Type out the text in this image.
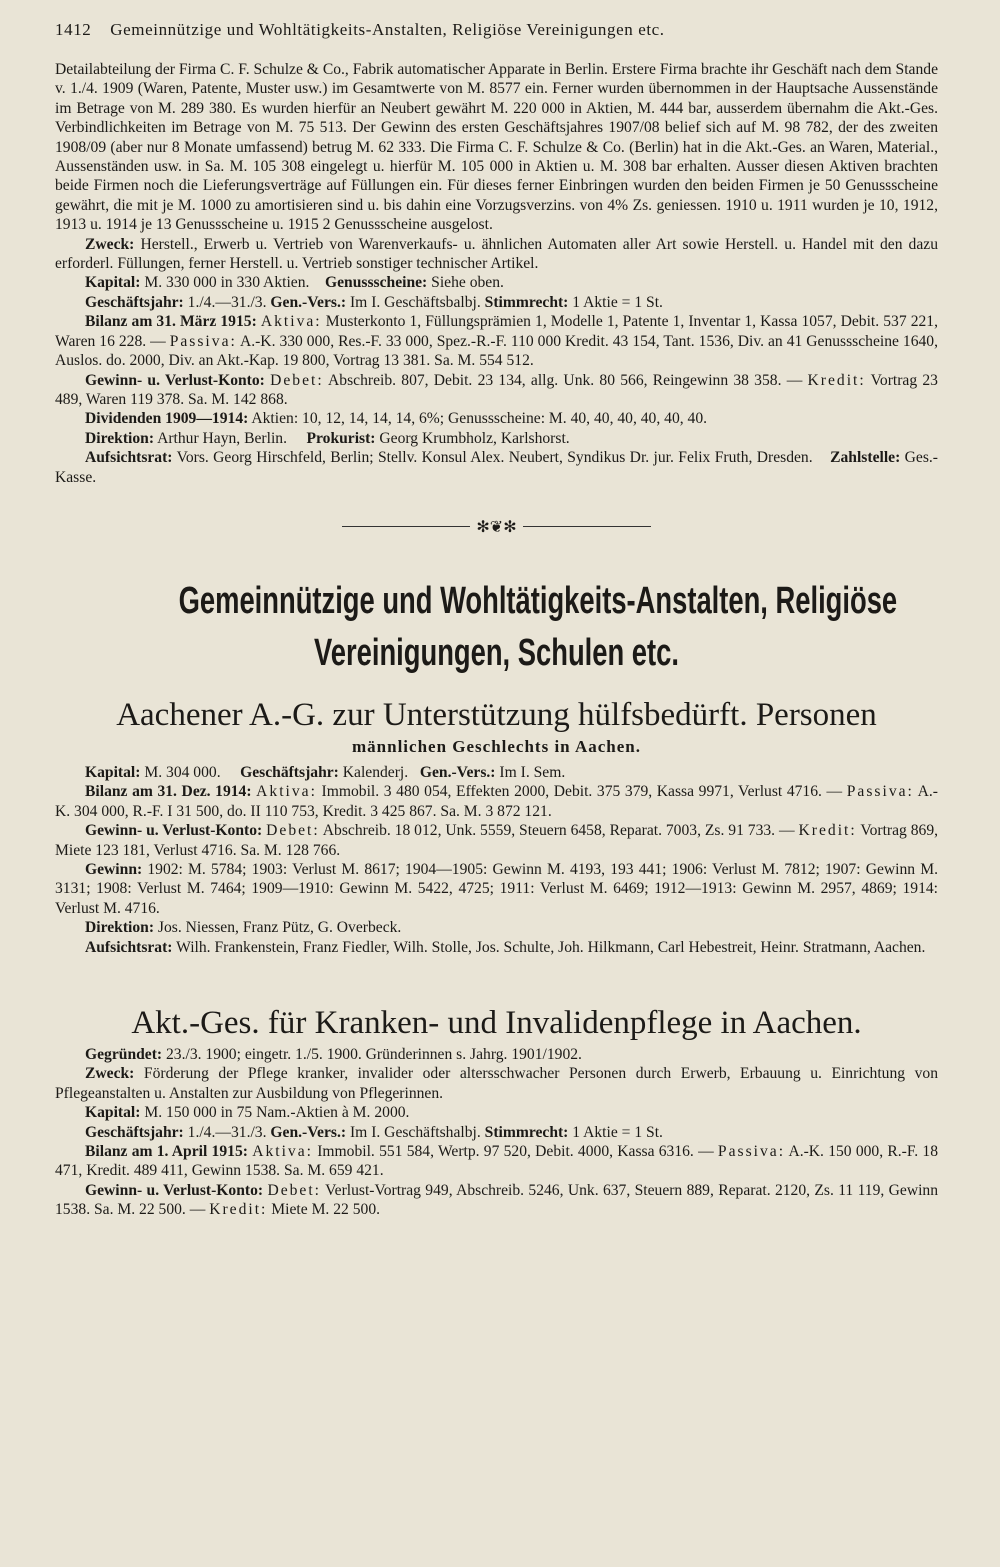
1412 Gemeinnützige und Wohltätigkeits-Anstalten, Religiöse Vereinigungen etc.

Detailabteilung der Firma C. F. Schulze & Co., Fabrik automatischer Apparate in Berlin. Erstere Firma brachte ihr Geschäft nach dem Stande v. 1./4. 1909 (Waren, Patente, Muster usw.) im Gesamtwerte von M. 8577 ein. Ferner wurden übernommen in der Hauptsache Aussenstände im Betrage von M. 289 380. Es wurden hierfür an Neubert gewährt M. 220 000 in Aktien, M. 444 bar, ausserdem übernahm die Akt.-Ges. Verbindlichkeiten im Betrage von M. 75 513. Der Gewinn des ersten Geschäftsjahres 1907/08 belief sich auf M. 98 782, der des zweiten 1908/09 (aber nur 8 Monate umfassend) betrug M. 62 333. Die Firma C. F. Schulze & Co. (Berlin) hat in die Akt.-Ges. an Waren, Material., Aussenständen usw. in Sa. M. 105 308 eingelegt u. hierfür M. 105 000 in Aktien u. M. 308 bar erhalten. Ausser diesen Aktiven brachten beide Firmen noch die Lieferungsverträge auf Füllungen ein. Für dieses ferner Einbringen wurden den beiden Firmen je 50 Genussscheine gewährt, die mit je M. 1000 zu amortisieren sind u. bis dahin eine Vorzugsverzins. von 4% Zs. geniessen. 1910 u. 1911 wurden je 10, 1912, 1913 u. 1914 je 13 Genussscheine u. 1915 2 Genussscheine ausgelost.

Zweck: Herstell., Erwerb u. Vertrieb von Warenverkaufs- u. ähnlichen Automaten aller Art sowie Herstell. u. Handel mit den dazu erforderl. Füllungen, ferner Herstell. u. Vertrieb sonstiger technischer Artikel.

Kapital: M. 330 000 in 330 Aktien. Genussscheine: Siehe oben.

Geschäftsjahr: 1./4.—31./3. Gen.-Vers.: Im I. Geschäftsbalbj. Stimmrecht: 1 Aktie = 1 St.

Bilanz am 31. März 1915: Aktiva: Musterkonto 1, Füllungsprämien 1, Modelle 1, Patente 1, Inventar 1, Kassa 1057, Debit. 537 221, Waren 16 228. — Passiva: A.-K. 330 000, Res.-F. 33 000, Spez.-R.-F. 110 000 Kredit. 43 154, Tant. 1536, Div. an 41 Genussscheine 1640, Auslos. do. 2000, Div. an Akt.-Kap. 19 800, Vortrag 13 381. Sa. M. 554 512.

Gewinn- u. Verlust-Konto: Debet: Abschreib. 807, Debit. 23 134, allg. Unk. 80 566, Reingewinn 38 358. — Kredit: Vortrag 23 489, Waren 119 378. Sa. M. 142 868.

Dividenden 1909—1914: Aktien: 10, 12, 14, 14, 14, 6%; Genussscheine: M. 40, 40, 40, 40, 40, 40.

Direktion: Arthur Hayn, Berlin. Prokurist: Georg Krumbholz, Karlshorst.

Aufsichtsrat: Vors. Georg Hirschfeld, Berlin; Stellv. Konsul Alex. Neubert, Syndikus Dr. jur. Felix Fruth, Dresden. Zahlstelle: Ges.-Kasse.

✻❦✻
Gemeinnützige und Wohltätigkeits-Anstalten, Religiöse
Vereinigungen, Schulen etc.
Aachener A.-G. zur Unterstützung hülfsbedürft. Personen
männlichen Geschlechts in Aachen.

Kapital: M. 304 000. Geschäftsjahr: Kalenderj. Gen.-Vers.: Im I. Sem.

Bilanz am 31. Dez. 1914: Aktiva: Immobil. 3 480 054, Effekten 2000, Debit. 375 379, Kassa 9971, Verlust 4716. — Passiva: A.-K. 304 000, R.-F. I 31 500, do. II 110 753, Kredit. 3 425 867. Sa. M. 3 872 121.

Gewinn- u. Verlust-Konto: Debet: Abschreib. 18 012, Unk. 5559, Steuern 6458, Reparat. 7003, Zs. 91 733. — Kredit: Vortrag 869, Miete 123 181, Verlust 4716. Sa. M. 128 766.

Gewinn: 1902: M. 5784; 1903: Verlust M. 8617; 1904—1905: Gewinn M. 4193, 193 441; 1906: Verlust M. 7812; 1907: Gewinn M. 3131; 1908: Verlust M. 7464; 1909—1910: Gewinn M. 5422, 4725; 1911: Verlust M. 6469; 1912—1913: Gewinn M. 2957, 4869; 1914: Verlust M. 4716.

Direktion: Jos. Niessen, Franz Pütz, G. Overbeck.

Aufsichtsrat: Wilh. Frankenstein, Franz Fiedler, Wilh. Stolle, Jos. Schulte, Joh. Hilkmann, Carl Hebestreit, Heinr. Stratmann, Aachen.

Akt.-Ges. für Kranken- und Invalidenpflege in Aachen.

Gegründet: 23./3. 1900; eingetr. 1./5. 1900. Gründerinnen s. Jahrg. 1901/1902.

Zweck: Förderung der Pflege kranker, invalider oder altersschwacher Personen durch Erwerb, Erbauung u. Einrichtung von Pflegeanstalten u. Anstalten zur Ausbildung von Pflegerinnen.

Kapital: M. 150 000 in 75 Nam.-Aktien à M. 2000.

Geschäftsjahr: 1./4.—31./3. Gen.-Vers.: Im I. Geschäftshalbj. Stimmrecht: 1 Aktie = 1 St.

Bilanz am 1. April 1915: Aktiva: Immobil. 551 584, Wertp. 97 520, Debit. 4000, Kassa 6316. — Passiva: A.-K. 150 000, R.-F. 18 471, Kredit. 489 411, Gewinn 1538. Sa. M. 659 421.

Gewinn- u. Verlust-Konto: Debet: Verlust-Vortrag 949, Abschreib. 5246, Unk. 637, Steuern 889, Reparat. 2120, Zs. 11 119, Gewinn 1538. Sa. M. 22 500. — Kredit: Miete M. 22 500.
